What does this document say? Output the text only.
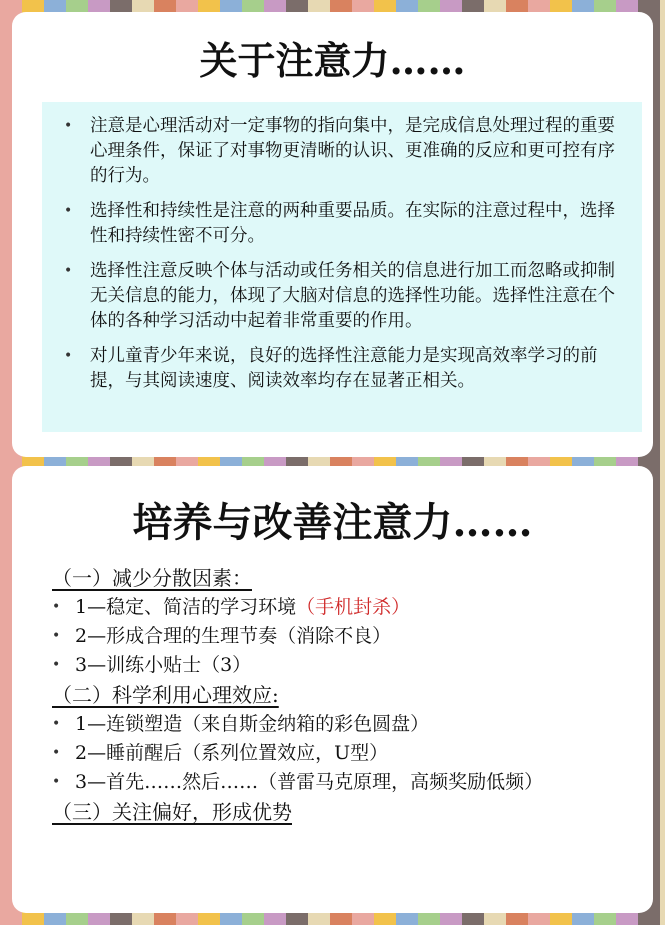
关于注意力……
• 注意是心理活动对一定事物的指向集中，是完成信息处理过程的重要心理条件，保证了对事物更清晰的认识、更准确的反应和更可控有序的行为。
• 选择性和持续性是注意的两种重要品质。在实际的注意过程中，选择性和持续性密不可分。
• 选择性注意反映个体与活动或任务相关的信息进行加工而忽略或抑制无关信息的能力，体现了大脑对信息的选择性功能。选择性注意在个体的各种学习活动中起着非常重要的作用。
• 对儿童青少年来说，良好的选择性注意能力是实现高效率学习的前提，与其阅读速度、阅读效率均存在显著正相关。
培养与改善注意力……
（一）减少分散因素：
• 1—稳定、简洁的学习环境（手机封杀）
• 2—形成合理的生理节奏（消除不良）
• 3—训练小贴士（3）
（二）科学利用心理效应:
• 1—连锁塑造（来自斯金纳箱的彩色圆盘）
• 2—睡前醒后（系列位置效应，U型）
• 3—首先……然后……（普雷马克原理，高频奖励低频）
（三）关注偏好，形成优势
